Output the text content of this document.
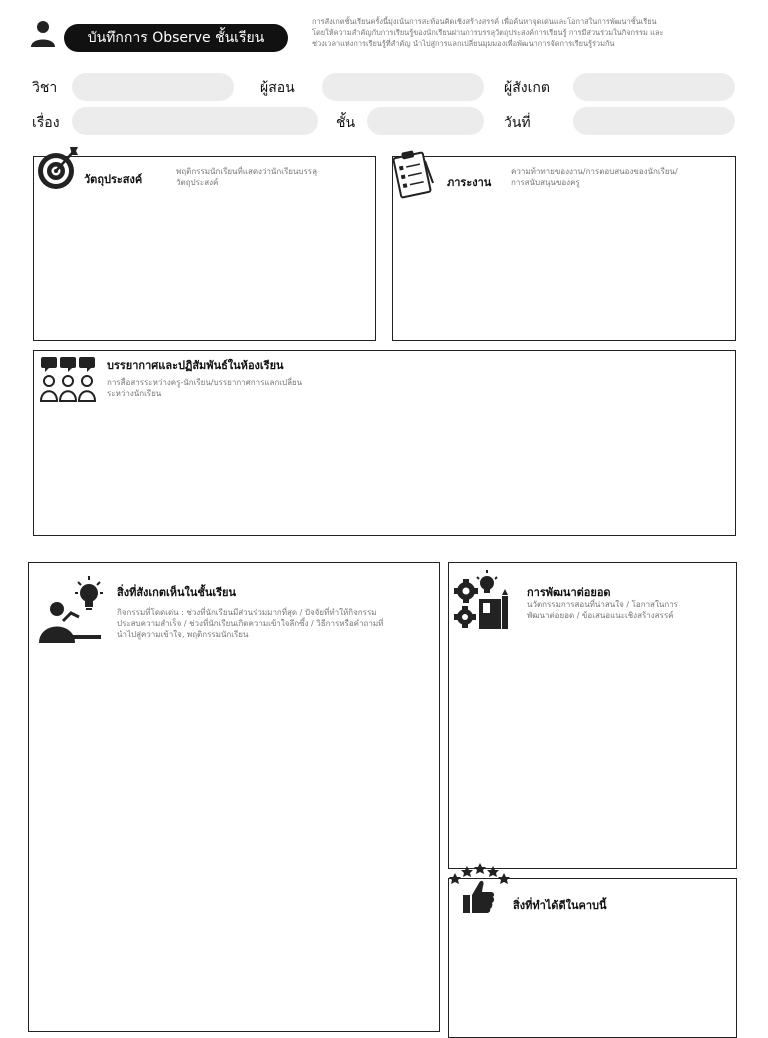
บันทึกการ Observe ชั้นเรียน
การสังเกตชั้นเรียนครั้งนี้มุ่งเน้นการสะท้อนคิดเชิงสร้างสรรค์ เพื่อค้นหาจุดเด่นและโอกาสในการพัฒนาชั้นเรียน
โดยให้ความสำคัญกับการเรียนรู้ของนักเรียนผ่านการบรรลุวัตถุประสงค์การเรียนรู้ การมีส่วนร่วมในกิจกรรม และ
ช่วงเวลาแห่งการเรียนรู้ที่สำคัญ นำไปสู่การแลกเปลี่ยนมุมมองเพื่อพัฒนาการจัดการเรียนรู้ร่วมกัน
วิชา	ผู้สอน	ผู้สังเกต
เรื่อง	ชั้น	วันที่
วัตถุประสงค์
พฤติกรรมนักเรียนที่แสดงว่านักเรียนบรรลุ
วัตถุประสงค์	ภาระงาน
ความท้าทายของงาน/การตอบสนองของนักเรียน/
การสนับสนุนของครู
บรรยากาศและปฏิสัมพันธ์ในห้องเรียน
การสื่อสารระหว่างครู-นักเรียน/บรรยากาศการแลกเปลี่ยน
ระหว่างนักเรียน
สิ่งที่สังเกตเห็นในชั้นเรียน
กิจกรรมที่โดดเด่น : ช่วงที่นักเรียนมีส่วนร่วมมากที่สุด / ปัจจัยที่ทำให้กิจกรรม
ประสบความสำเร็จ / ช่วงที่นักเรียนเกิดความเข้าใจลึกซึ้ง / วิธีการหรือคำถามที่
นำไปสู่ความเข้าใจ, พฤติกรรมนักเรียน
การพัฒนาต่อยอด
นวัตกรรมการสอนที่น่าสนใจ / โอกาสในการ
พัฒนาต่อยอด / ข้อเสนอแนะเชิงสร้างสรรค์
สิ่งที่ทำได้ดีในคาบนี้
